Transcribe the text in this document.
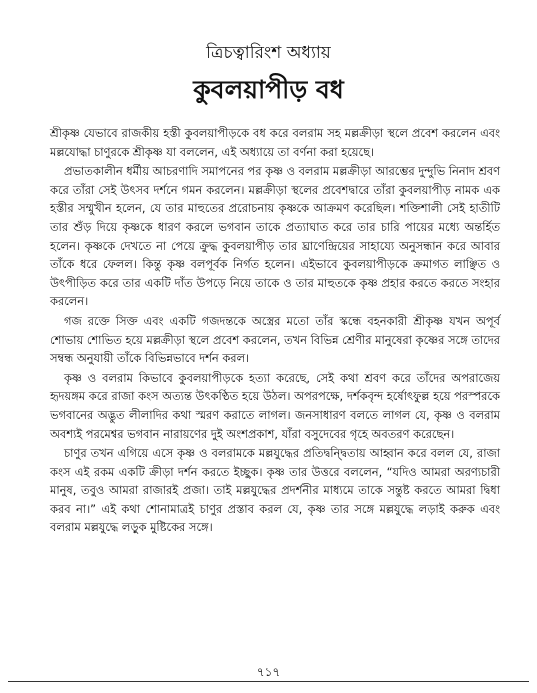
ত্রিচত্বারিংশ অধ্যায়
কুবলয়াপীড় বধ

শ্রীকৃষ্ণ যেভাবে রাজকীয় হস্তী কুবলয়াপীড়কে বধ করে বলরাম সহ মল্লক্রীড়া স্থলে প্রবেশ করলেন এবং মল্লযোদ্ধা চাণুরকে শ্রীকৃষ্ণ যা বললেন, এই অধ্যায়ে তা বর্ণনা করা হয়েছে।

প্রভাতকালীন ধর্মীয় আচরণাদি সমাপনের পর কৃষ্ণ ও বলরাম মল্লক্রীড়া আরম্ভের দুন্দুভি নিনাদ শ্রবণ করে তাঁরা সেই উৎসব দর্শনে গমন করলেন। মল্লক্রীড়া স্থলের প্রবেশদ্বারে তাঁরা কুবলয়াপীড় নামক এক হস্তীর সম্মুখীন হলেন, যে তার মাহুতের প্ররোচনায় কৃষ্ণকে আক্রমণ করেছিল। শক্তিশালী সেই হাতীটি তার শুঁড় দিয়ে কৃষ্ণকে ধারণ করলে ভগবান তাকে প্রত্যাঘাত করে তার চারি পায়ের মধ্যে অন্তর্হিত হলেন। কৃষ্ণকে দেখতে না পেয়ে ক্রুদ্ধ কুবলয়াপীড় তার ঘ্রাণেন্দ্রিয়ের সাহায্যে অনুসন্ধান করে আবার তাঁকে ধরে ফেলল। কিন্তু কৃষ্ণ বলপূর্বক নির্গত হলেন। এইভাবে কুবলয়াপীড়কে ক্রমাগত লাঞ্ছিত ও উৎপীড়িত করে তার একটি দাঁত উপড়ে নিয়ে তাকে ও তার মাহুতকে কৃষ্ণ প্রহার করতে করতে সংহার করলেন।

গজ রক্তে সিক্ত এবং একটি গজদন্তকে অস্ত্রের মতো তাঁর স্কন্ধে বহনকারী শ্রীকৃষ্ণ যখন অপূর্ব শোভায় শোভিত হয়ে মল্লক্রীড়া স্থলে প্রবেশ করলেন, তখন বিভিন্ন শ্রেণীর মানুষেরা কৃষ্ণের সঙ্গে তাদের সম্বন্ধ অনুযায়ী তাঁকে বিভিন্নভাবে দর্শন করল।

কৃষ্ণ ও বলরাম কিভাবে কুবলয়াপীড়কে হত্যা করেছে, সেই কথা শ্রবণ করে তাঁদের অপরাজেয় হৃদয়ঙ্গম করে রাজা কংস অত্যন্ত উৎকণ্ঠিত হয়ে উঠল। অপরপক্ষে, দর্শকবৃন্দ হর্ষোৎফুল্ল হয়ে পরস্পরকে ভগবানের অদ্ভুত লীলাদির কথা স্মরণ করাতে লাগল। জনসাধারণ বলতে লাগল যে, কৃষ্ণ ও বলরাম অবশ্যই পরমেশ্বর ভগবান নারায়ণের দুই অংশপ্রকাশ, যাঁরা বসুদেবের গৃহে অবতরণ করেছেন।

চাণুর তখন এগিয়ে এসে কৃষ্ণ ও বলরামকে মল্লযুদ্ধের প্রতিদ্বন্দ্বিতায় আহ্বান করে বলল যে, রাজা কংস এই রকম একটি ক্রীড়া দর্শন করতে ইচ্ছুক। কৃষ্ণ তার উত্তরে বললেন, “যদিও আমরা অরণ্যচারী মানুষ, তবুও আমরা রাজারই প্রজা। তাই মল্লযুদ্ধের প্রদর্শনীর মাধ্যমে তাকে সন্তুষ্ট করতে আমরা দ্বিধা করব না।” এই কথা শোনামাত্রই চাণুর প্রস্তাব করল যে, কৃষ্ণ তার সঙ্গে মল্লযুদ্ধে লড়াই করুক এবং বলরাম মল্লযুদ্ধে লড়ুক মুষ্টিকের সঙ্গে।

৭১৭
